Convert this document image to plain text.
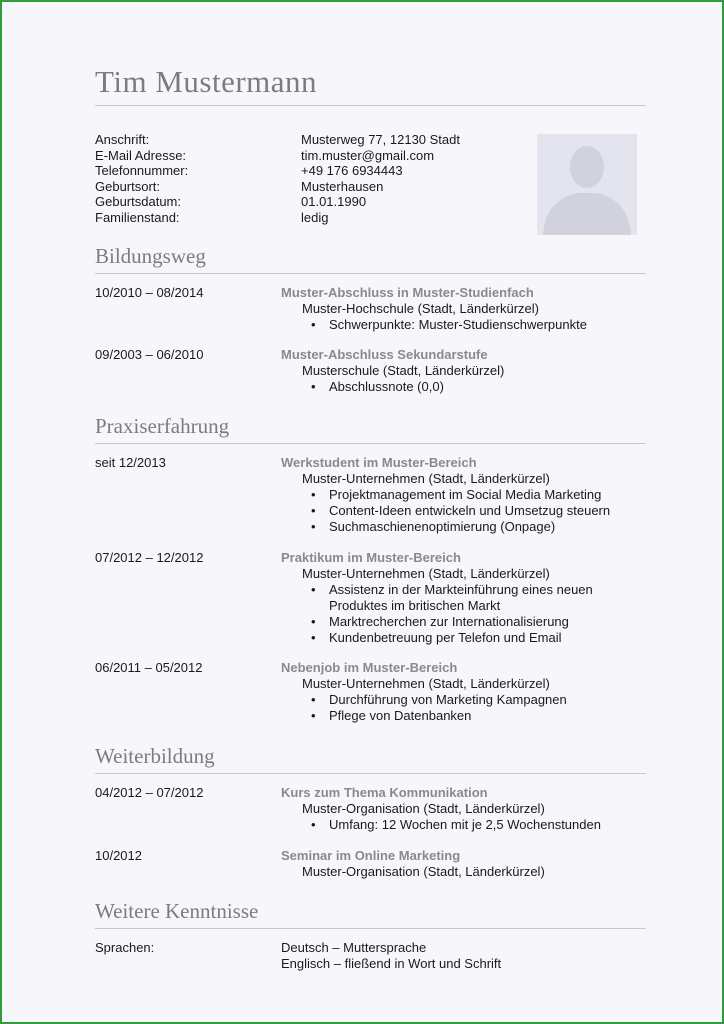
Tim Mustermann
Anschrift:	Musterweg 77, 12130 Stadt
E-Mail Adresse:	tim.muster@gmail.com
Telefonnummer:	+49 176 6934443
Geburtsort:	Musterhausen
Geburtsdatum:	01.01.1990
Familienstand:	ledig
Bildungsweg
10/2010 – 08/2014	Muster-Abschluss in Muster-Studienfach
Muster-Hochschule (Stadt, Länderkürzel)
• Schwerpunkte: Muster-Studienschwerpunkte
09/2003 – 06/2010	Muster-Abschluss Sekundarstufe
Musterschule (Stadt, Länderkürzel)
• Abschlussnote (0,0)
Praxiserfahrung
seit 12/2013	Werkstudent im Muster-Bereich
Muster-Unternehmen (Stadt, Länderkürzel)
• Projektmanagement im Social Media Marketing
• Content-Ideen entwickeln und Umsetzug steuern
• Suchmaschienenoptimierung (Onpage)
07/2012 – 12/2012	Praktikum im Muster-Bereich
Muster-Unternehmen (Stadt, Länderkürzel)
• Assistenz in der Markteinführung eines neuen
Produktes im britischen Markt
• Marktrecherchen zur Internationalisierung
• Kundenbetreuung per Telefon und Email
06/2011 – 05/2012	Nebenjob im Muster-Bereich
Muster-Unternehmen (Stadt, Länderkürzel)
• Durchführung von Marketing Kampagnen
• Pflege von Datenbanken
Weiterbildung
04/2012 – 07/2012	Kurs zum Thema Kommunikation
Muster-Organisation (Stadt, Länderkürzel)
• Umfang: 12 Wochen mit je 2,5 Wochenstunden
10/2012	Seminar im Online Marketing
Muster-Organisation (Stadt, Länderkürzel)
Weitere Kenntnisse
Sprachen:	Deutsch – Muttersprache
Englisch – fließend in Wort und Schrift
